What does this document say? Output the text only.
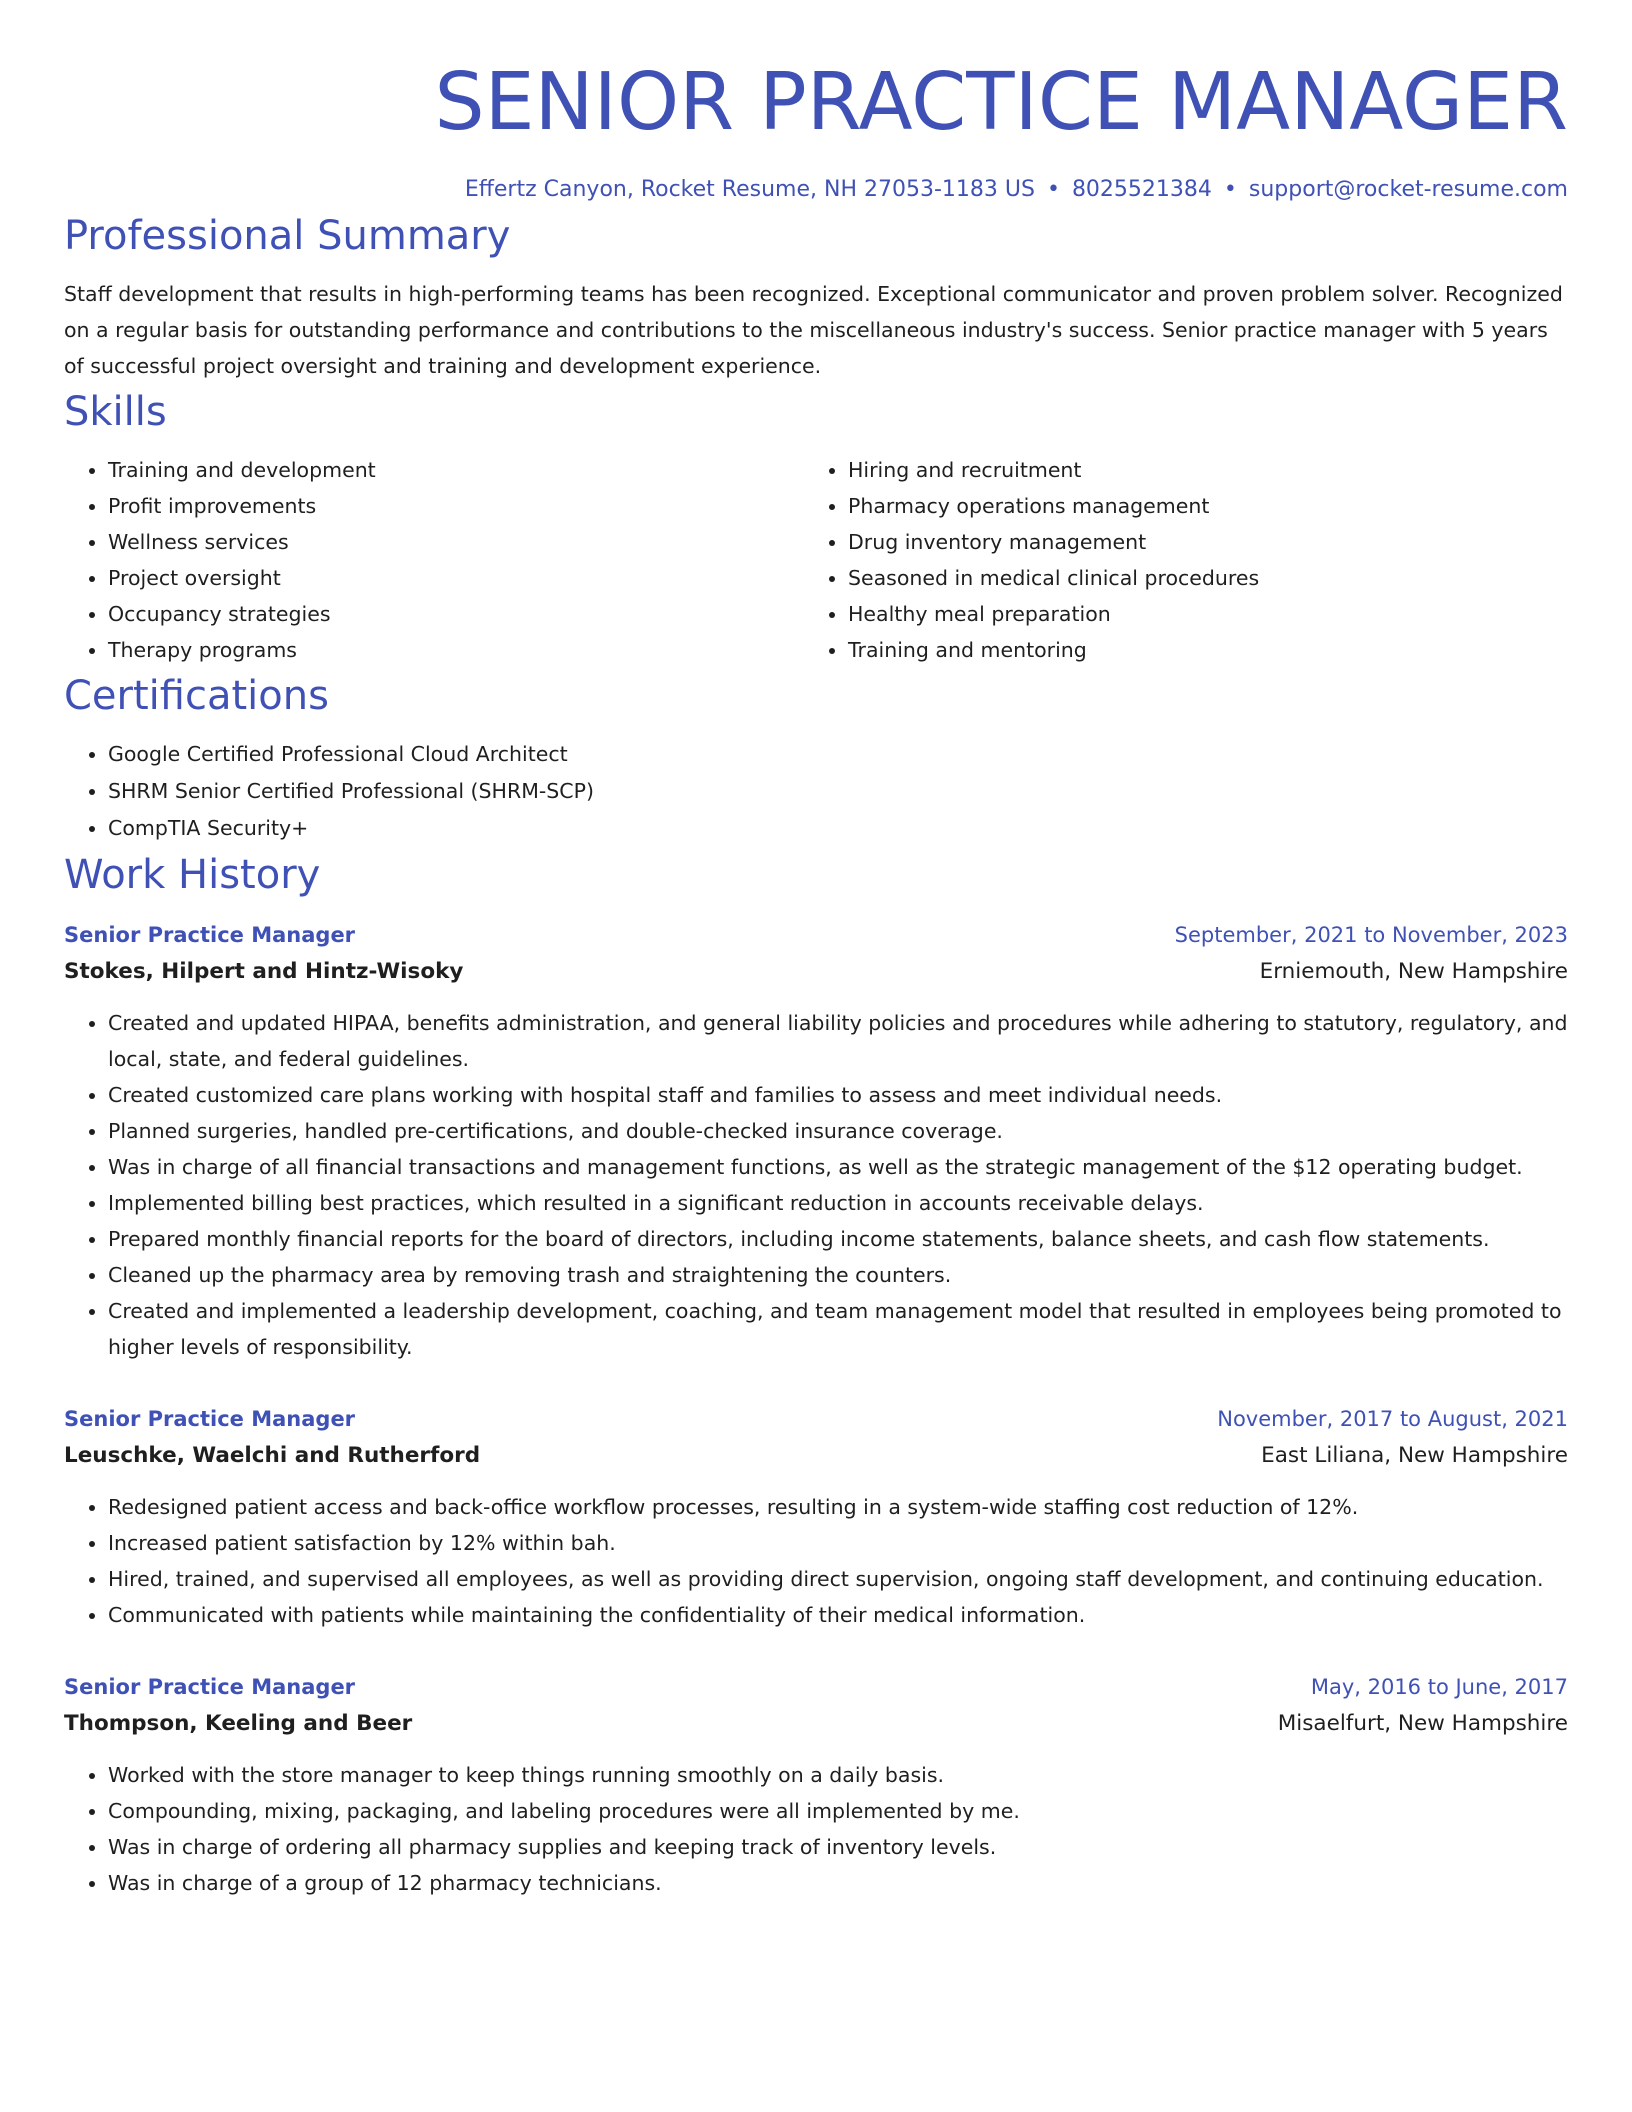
SENIOR PRACTICE MANAGER
Effertz Canyon, Rocket Resume, NH 27053-1183 US • 8025521384 • support@rocket-resume.com
Professional Summary

Staff development that results in high-performing teams has been recognized. Exceptional communicator and proven problem solver. Recognized on a regular basis for outstanding performance and contributions to the miscellaneous industry's success. Senior practice manager with 5 years of successful project oversight and training and development experience.

Skills
• Training and development
• Profit improvements
• Wellness services
• Project oversight
• Occupancy strategies
• Therapy programs
• Hiring and recruitment
• Pharmacy operations management
• Drug inventory management
• Seasoned in medical clinical procedures
• Healthy meal preparation
• Training and mentoring
Certifications
• Google Certified Professional Cloud Architect
• SHRM Senior Certified Professional (SHRM-SCP)
• CompTIA Security+
Work History
Senior Practice Manager	September, 2021 to November, 2023
Stokes, Hilpert and Hintz-Wisoky	Erniemouth, New Hampshire
• Created and updated HIPAA, benefits administration, and general liability policies and procedures while adhering to statutory, regulatory, and local, state, and federal guidelines.
• Created customized care plans working with hospital staff and families to assess and meet individual needs.
• Planned surgeries, handled pre-certifications, and double-checked insurance coverage.
• Was in charge of all financial transactions and management functions, as well as the strategic management of the $12 operating budget.
• Implemented billing best practices, which resulted in a significant reduction in accounts receivable delays.
• Prepared monthly financial reports for the board of directors, including income statements, balance sheets, and cash flow statements.
• Cleaned up the pharmacy area by removing trash and straightening the counters.
• Created and implemented a leadership development, coaching, and team management model that resulted in employees being promoted to higher levels of responsibility.
Senior Practice Manager	November, 2017 to August, 2021
Leuschke, Waelchi and Rutherford	East Liliana, New Hampshire
• Redesigned patient access and back-office workflow processes, resulting in a system-wide staffing cost reduction of 12%.
• Increased patient satisfaction by 12% within bah.
• Hired, trained, and supervised all employees, as well as providing direct supervision, ongoing staff development, and continuing education.
• Communicated with patients while maintaining the confidentiality of their medical information.
Senior Practice Manager	May, 2016 to June, 2017
Thompson, Keeling and Beer	Misaelfurt, New Hampshire
• Worked with the store manager to keep things running smoothly on a daily basis.
• Compounding, mixing, packaging, and labeling procedures were all implemented by me.
• Was in charge of ordering all pharmacy supplies and keeping track of inventory levels.
• Was in charge of a group of 12 pharmacy technicians.
